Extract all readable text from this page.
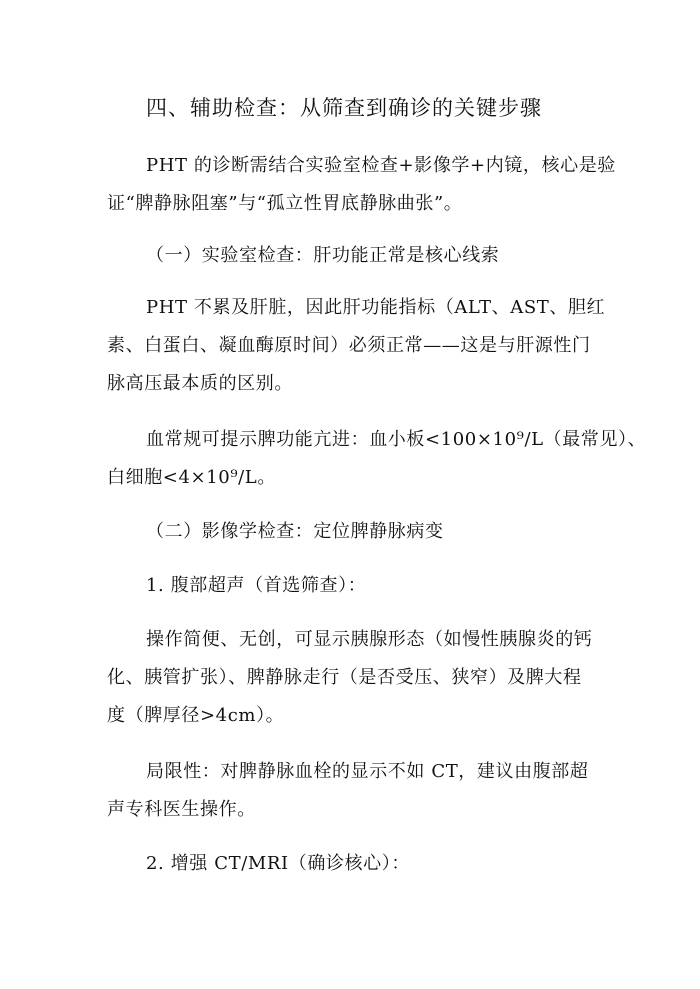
四、辅助检查：从筛查到确诊的关键步骤
PHT 的诊断需结合实验室检查+影像学+内镜，核心是验
证“脾静脉阻塞”与“孤立性胃底静脉曲张”。
（一）实验室检查：肝功能正常是核心线索
PHT 不累及肝脏，因此肝功能指标（ALT、AST、胆红
素、白蛋白、凝血酶原时间）必须正常——这是与肝源性门
脉高压最本质的区别。
血常规可提示脾功能亢进：血小板<100×10⁹/L（最常见）、
白细胞<4×10⁹/L。
（二）影像学检查：定位脾静脉病变
1. 腹部超声（首选筛查）：
操作简便、无创，可显示胰腺形态（如慢性胰腺炎的钙
化、胰管扩张）、脾静脉走行（是否受压、狭窄）及脾大程
度（脾厚径>4cm）。
局限性：对脾静脉血栓的显示不如 CT，建议由腹部超
声专科医生操作。
2. 增强 CT/MRI（确诊核心）：
